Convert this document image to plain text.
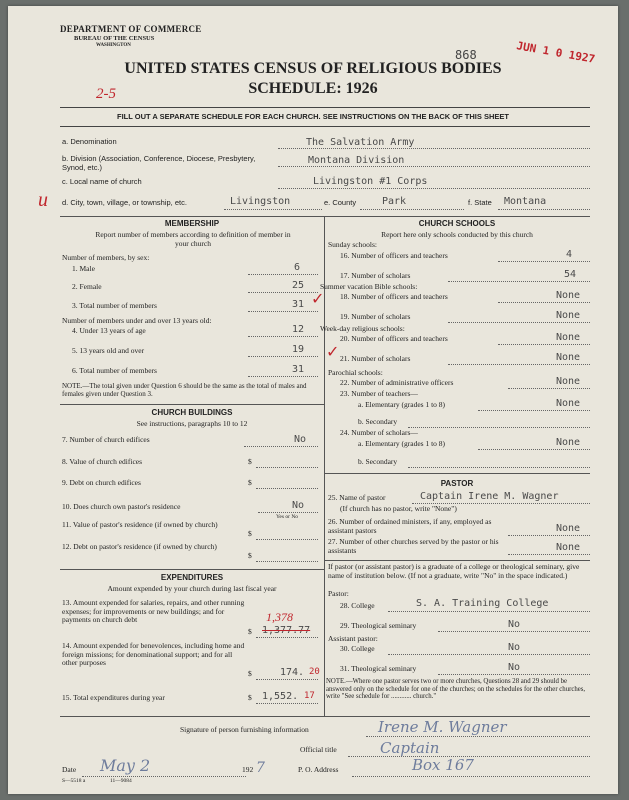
DEPARTMENT OF COMMERCE
BUREAU OF THE CENSUS
WASHINGTON
868	JUN 1 0 1927
UNITED STATES CENSUS OF RELIGIOUS BODIES
SCHEDULE: 1926
2-5
FILL OUT A SEPARATE SCHEDULE FOR EACH CHURCH. SEE INSTRUCTIONS ON THE BACK OF THIS SHEET
a. Denomination	The Salvation Army
b. Division (Association, Conference, Diocese, Presbytery, Synod, etc.)
Montana Division
c. Local name of church	Livingston #1 Corps
u d. City, town, village, or township, etc.	Livingston	e. County	Park	f. State Montana
MEMBERSHIP
Report number of members according to definition of member in your church
Number of members, by sex:
1. Male	6
2. Female	25
3. Total number of members	31 ✓
Number of members under and over 13 years old:
4. Under 13 years of age	12
5. 13 years old and over	19
6. Total number of members	31
NOTE.—The total given under Question 6 should be the same as the total of males and females given under Question 3.
CHURCH BUILDINGS
See instructions, paragraphs 10 to 12
7. Number of church edifices	No
8. Value of church edifices	$
9. Debt on church edifices	$
10. Does church own pastor's residence	No
Yes or No
11. Value of pastor's residence (if owned by church)
$
12. Debt on pastor's residence (if owned by church)
$
EXPENDITURES
Amount expended by your church during last fiscal year
13. Amount expended for salaries, repairs, and other running expenses; for improvements or new buildings; and for payments on church debt
$ 1,377.77
1,378
14. Amount expended for benevolences, including home and foreign missions; for denominational support; and for all other purposes
$	174. 20
15. Total expenditures during year	$ 1,552. 17
CHURCH SCHOOLS
Report here only schools conducted by this church
Sunday schools:
16. Number of officers and teachers	4
17. Number of scholars	54
Summer vacation Bible schools:
18. Number of officers and teachers	None
19. Number of scholars	None
Week-day religious schools:
20. Number of officers and teachers	None
✓ 21. Number of scholars	None
Parochial schools:
22. Number of administrative officers	None
23. Number of teachers—
a. Elementary (grades 1 to 8)	None
b. Secondary
24. Number of scholars—
a. Elementary (grades 1 to 8)	None
b. Secondary
PASTOR
25. Name of pastor	Captain Irene M. Wagner
(If church has no pastor, write "None")
26. Number of ordained ministers, if any, employed as assistant pastors	None
27. Number of other churches served by the pastor or his assistants	None
If pastor (or assistant pastor) is a graduate of a college or theological seminary, give name of institution below. (If not a graduate, write "No" in the space indicated.)
Pastor:
28. College	S. A. Training College
29. Theological seminary	No
Assistant pastor:
30. College	No
31. Theological seminary	No
NOTE.—Where one pastor serves two or more churches, Questions 28 and 29 should be answered only on the schedule for one of the churches; on the schedules for the other churches, write "See schedule for ............ church."
Signature of person furnishing information	Irene M. Wagner
Official title	Captain
Date May 2	192 7	P. O. Address	Box 167
S—5518 a	11—9084
